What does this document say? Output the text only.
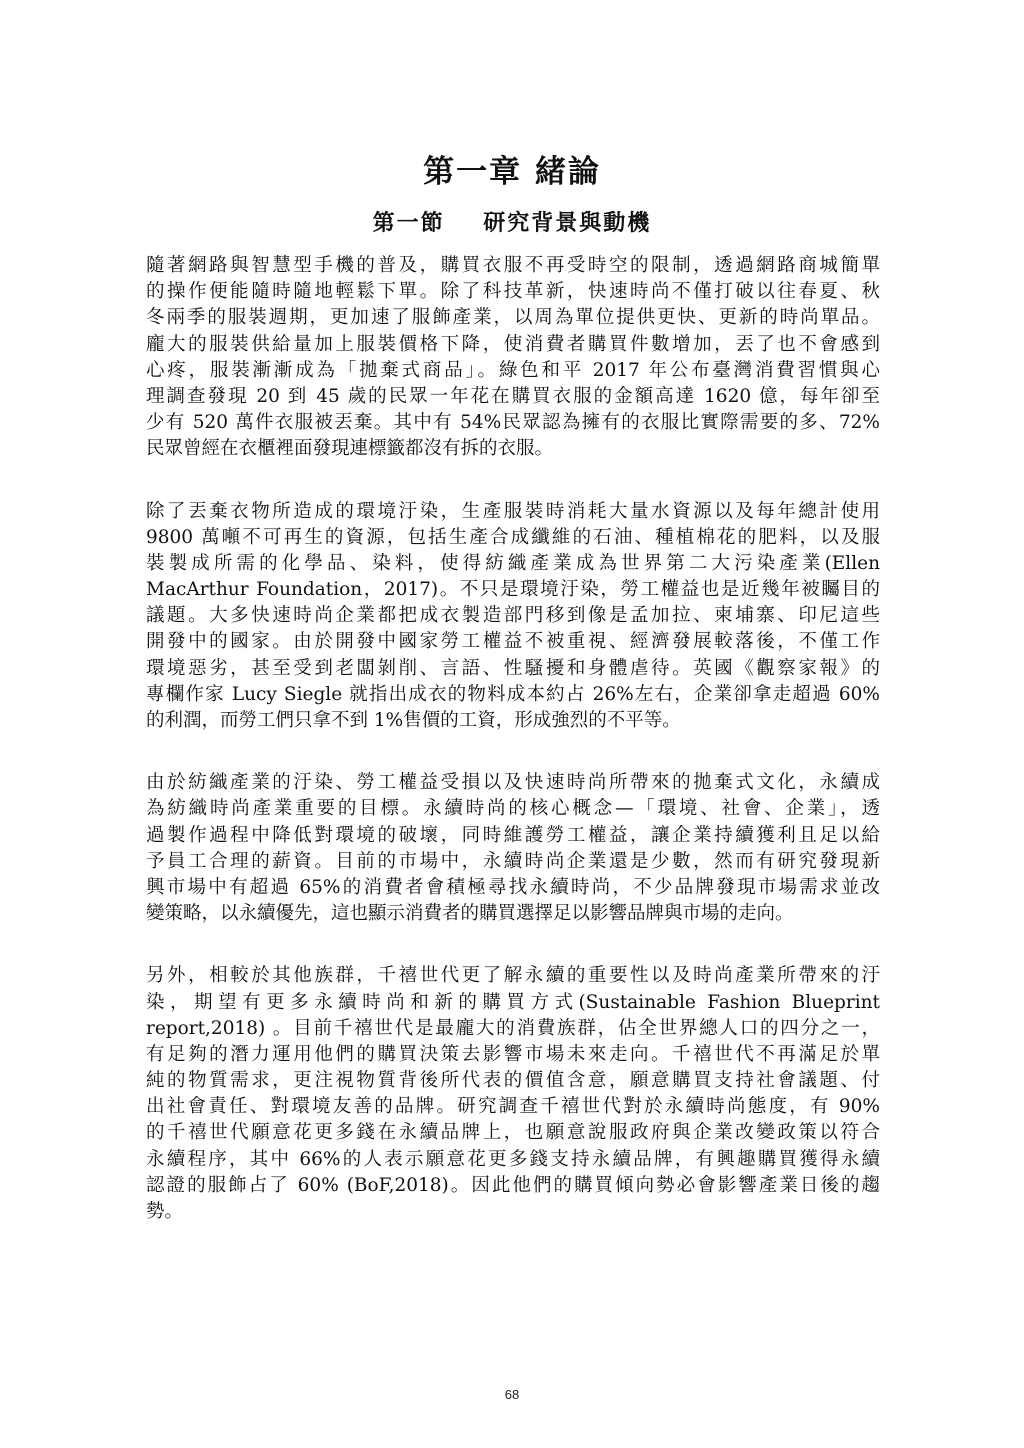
第一章 緒論
第一節    研究背景與動機
隨著網路與智慧型手機的普及，購買衣服不再受時空的限制，透過網路商城簡單
的操作便能隨時隨地輕鬆下單。除了科技革新，快速時尚不僅打破以往春夏、秋
冬兩季的服裝週期，更加速了服飾產業，以周為單位提供更快、更新的時尚單品。
龐大的服裝供給量加上服裝價格下降，使消費者購買件數增加，丟了也不會感到
心疼，服裝漸漸成為「拋棄式商品」。綠色和平 2017 年公布臺灣消費習慣與心
理調查發現 20 到 45 歲的民眾一年花在購買衣服的金額高達 1620 億，每年卻至
少有 520 萬件衣服被丟棄。其中有 54%民眾認為擁有的衣服比實際需要的多、72%
民眾曾經在衣櫃裡面發現連標籤都沒有拆的衣服。
除了丟棄衣物所造成的環境汙染，生產服裝時消耗大量水資源以及每年總計使用
9800 萬噸不可再生的資源，包括生產合成纖維的石油、種植棉花的肥料，以及服
裝製成所需的化學品、染料，使得紡織產業成為世界第二大污染產業(Ellen
MacArthur Foundation，2017)。不只是環境汙染，勞工權益也是近幾年被矚目的
議題。大多快速時尚企業都把成衣製造部門移到像是孟加拉、柬埔寨、印尼這些
開發中的國家。由於開發中國家勞工權益不被重視、經濟發展較落後，不僅工作
環境惡劣，甚至受到老闆剝削、言語、性騷擾和身體虐待。英國《觀察家報》的
專欄作家 Lucy Siegle 就指出成衣的物料成本約占 26%左右，企業卻拿走超過 60%
的利潤，而勞工們只拿不到 1%售價的工資，形成強烈的不平等。
由於紡織產業的汙染、勞工權益受損以及快速時尚所帶來的拋棄式文化，永續成
為紡織時尚產業重要的目標。永續時尚的核心概念—「環境、社會、企業」，透
過製作過程中降低對環境的破壞，同時維護勞工權益，讓企業持續獲利且足以給
予員工合理的薪資。目前的市場中，永續時尚企業還是少數，然而有研究發現新
興市場中有超過 65%的消費者會積極尋找永續時尚，不少品牌發現市場需求並改
變策略，以永續優先，這也顯示消費者的購買選擇足以影響品牌與市場的走向。
另外，相較於其他族群，千禧世代更了解永續的重要性以及時尚產業所帶來的汙
染，期望有更多永續時尚和新的購買方式(Sustainable Fashion Blueprint
report,2018) 。目前千禧世代是最龐大的消費族群，佔全世界總人口的四分之一，
有足夠的潛力運用他們的購買決策去影響市場未來走向。千禧世代不再滿足於單
純的物質需求，更注視物質背後所代表的價值含意，願意購買支持社會議題、付
出社會責任、對環境友善的品牌。研究調查千禧世代對於永續時尚態度，有 90%
的千禧世代願意花更多錢在永續品牌上，也願意說服政府與企業改變政策以符合
永續程序，其中 66%的人表示願意花更多錢支持永續品牌，有興趣購買獲得永續
認證的服飾占了 60% (BoF,2018)。因此他們的購買傾向勢必會影響產業日後的趨
勢。
68
